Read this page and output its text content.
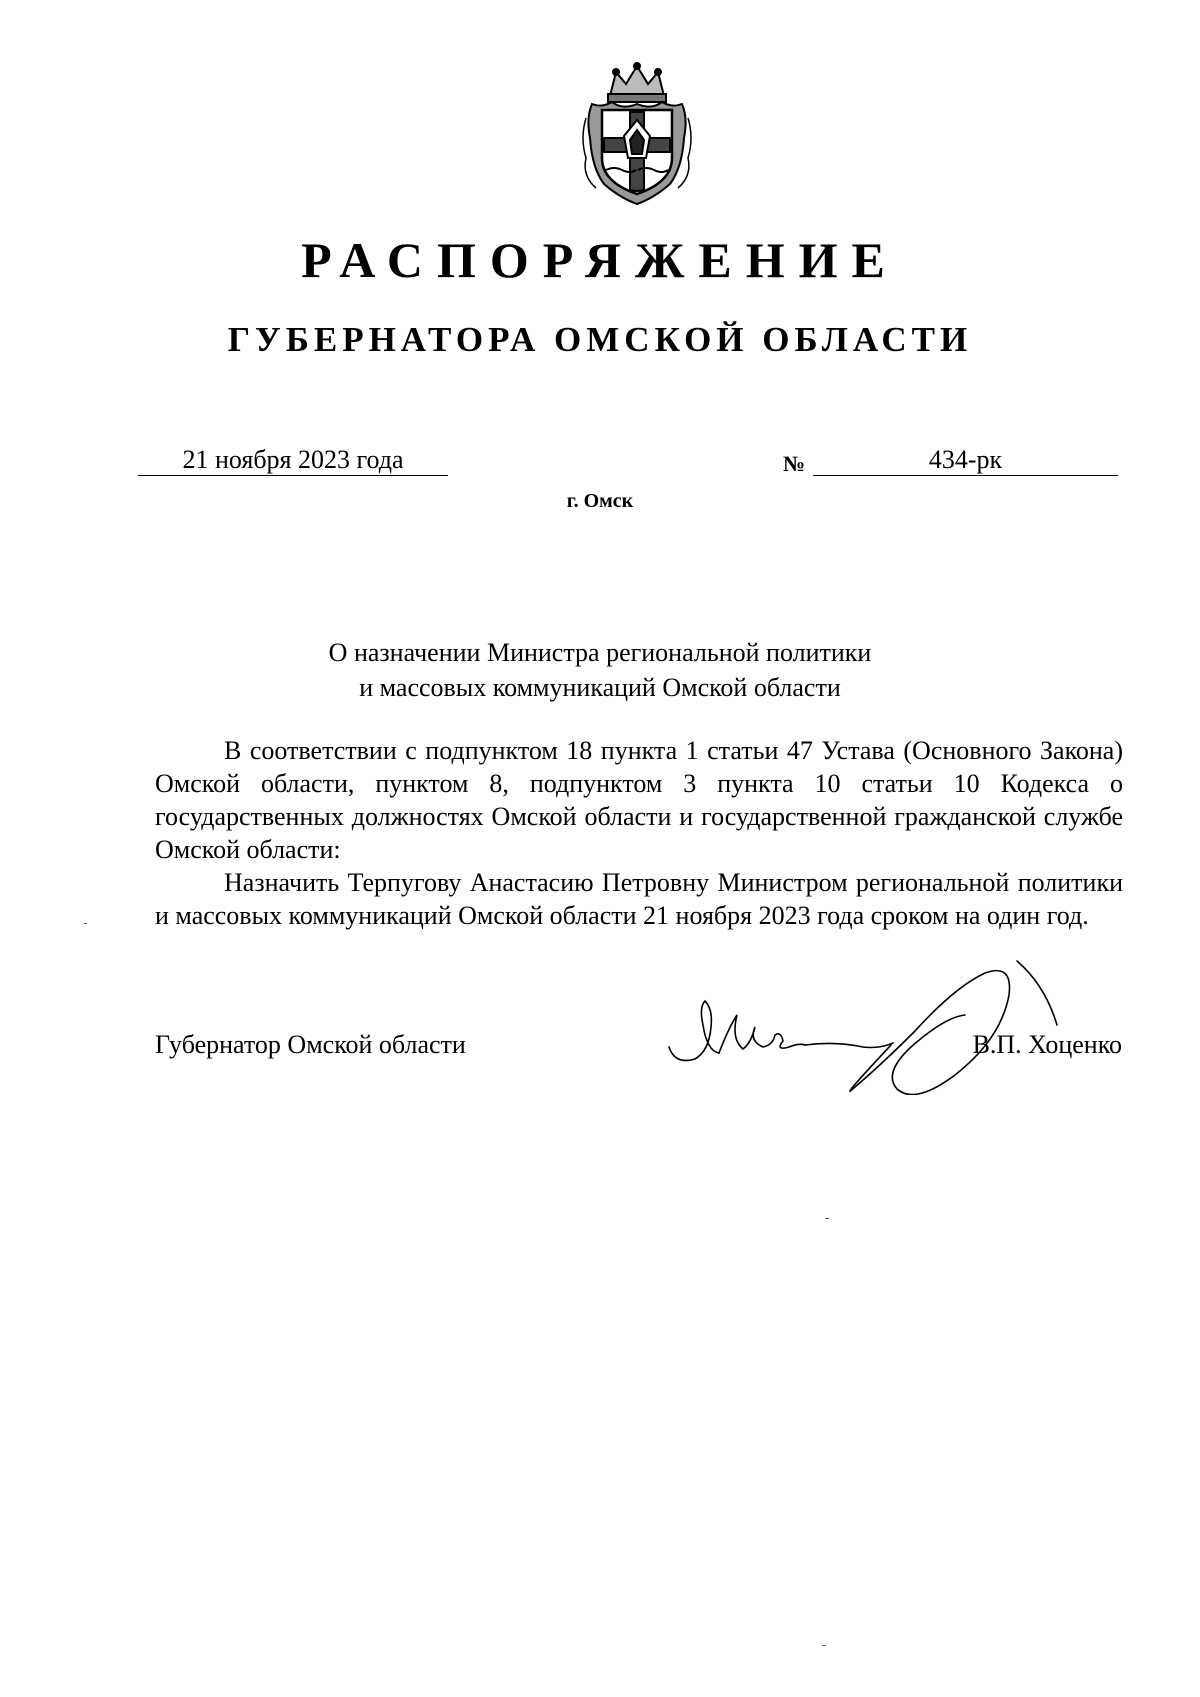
РАСПОРЯЖЕНИЕ
ГУБЕРНАТОРА ОМСКОЙ ОБЛАСТИ
21 ноября 2023 года	№	434-рк
г. Омск
О назначении Министра региональной политики
и массовых коммуникаций Омской области

В соответствии с подпунктом 18 пункта 1 статьи 47 Устава (Основного Закона) Омской области, пунктом 8, подпунктом 3 пункта 10 статьи 10 Кодекса о государственных должностях Омской области и государственной гражданской службе Омской области:

Назначить Терпугову Анастасию Петровну Министром региональной политики и массовых коммуникаций Омской области 21 ноября 2023 года сроком на один год.

Губернатор Омской области	В.П. Хоценко
